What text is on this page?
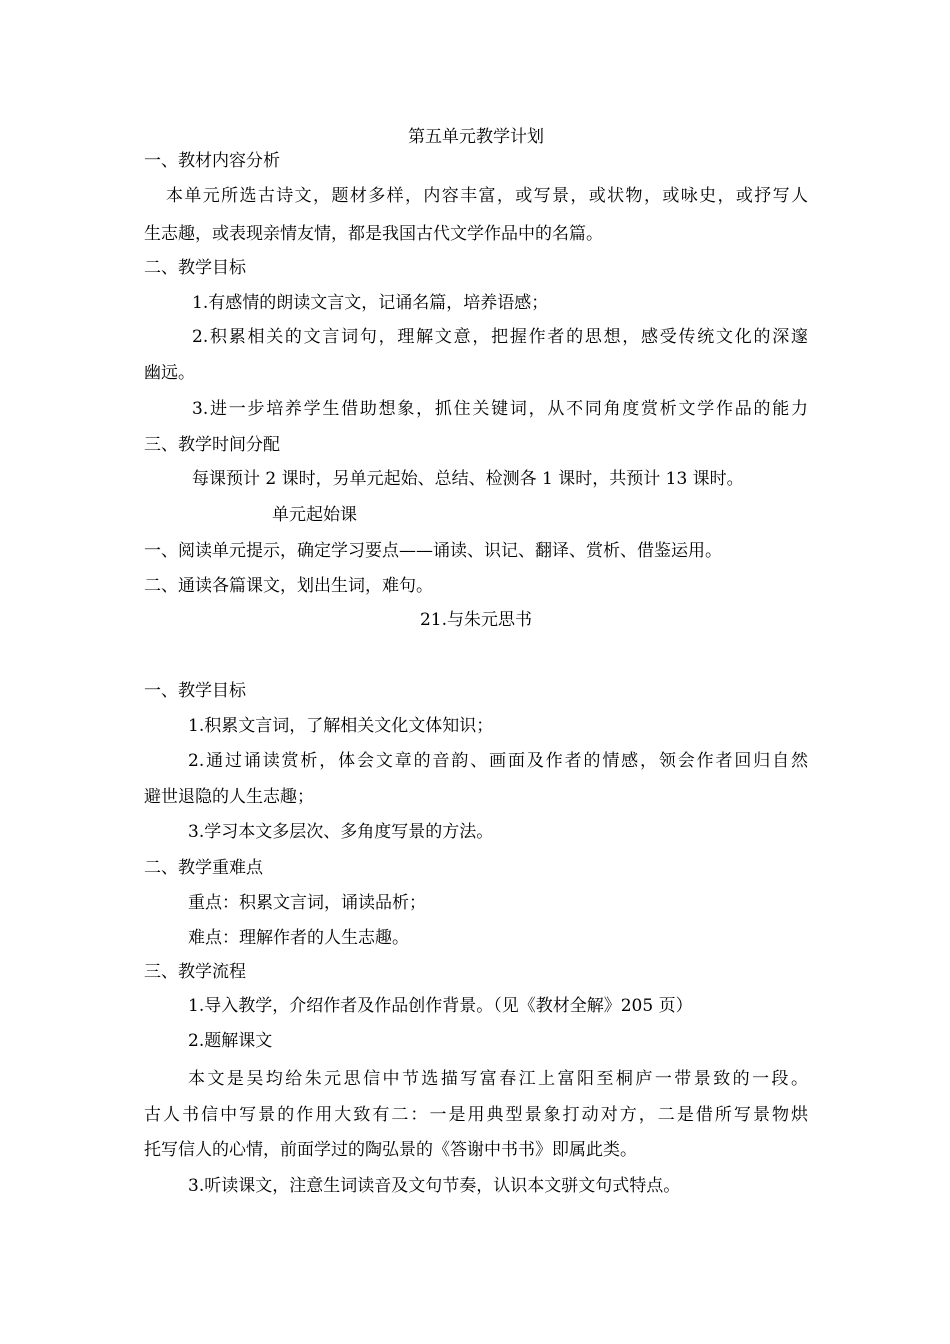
第五单元教学计划
一、教材内容分析
本单元所选古诗文，题材多样，内容丰富，或写景，或状物，或咏史，或抒写人
生志趣，或表现亲情友情，都是我国古代文学作品中的名篇。
二、教学目标
1.有感情的朗读文言文，记诵名篇，培养语感；
2.积累相关的文言词句，理解文意，把握作者的思想，感受传统文化的深邃
幽远。
3.进一步培养学生借助想象，抓住关键词，从不同角度赏析文学作品的能力
三、教学时间分配
每课预计 2 课时，另单元起始、总结、检测各 1 课时，共预计 13 课时。
单元起始课
一、阅读单元提示，确定学习要点——诵读、识记、翻译、赏析、借鉴运用。
二、通读各篇课文，划出生词，难句。
21.与朱元思书
一、教学目标
1.积累文言词，了解相关文化文体知识；
2.通过诵读赏析，体会文章的音韵、画面及作者的情感，领会作者回归自然
避世退隐的人生志趣；
3.学习本文多层次、多角度写景的方法。
二、教学重难点
重点：积累文言词，诵读品析；
难点：理解作者的人生志趣。
三、教学流程
1.导入教学，介绍作者及作品创作背景。（见《教材全解》205 页）
2.题解课文
本文是吴均给朱元思信中节选描写富春江上富阳至桐庐一带景致的一段。
古人书信中写景的作用大致有二：一是用典型景象打动对方，二是借所写景物烘
托写信人的心情，前面学过的陶弘景的《答谢中书书》即属此类。
3.听读课文，注意生词读音及文句节奏，认识本文骈文句式特点。
